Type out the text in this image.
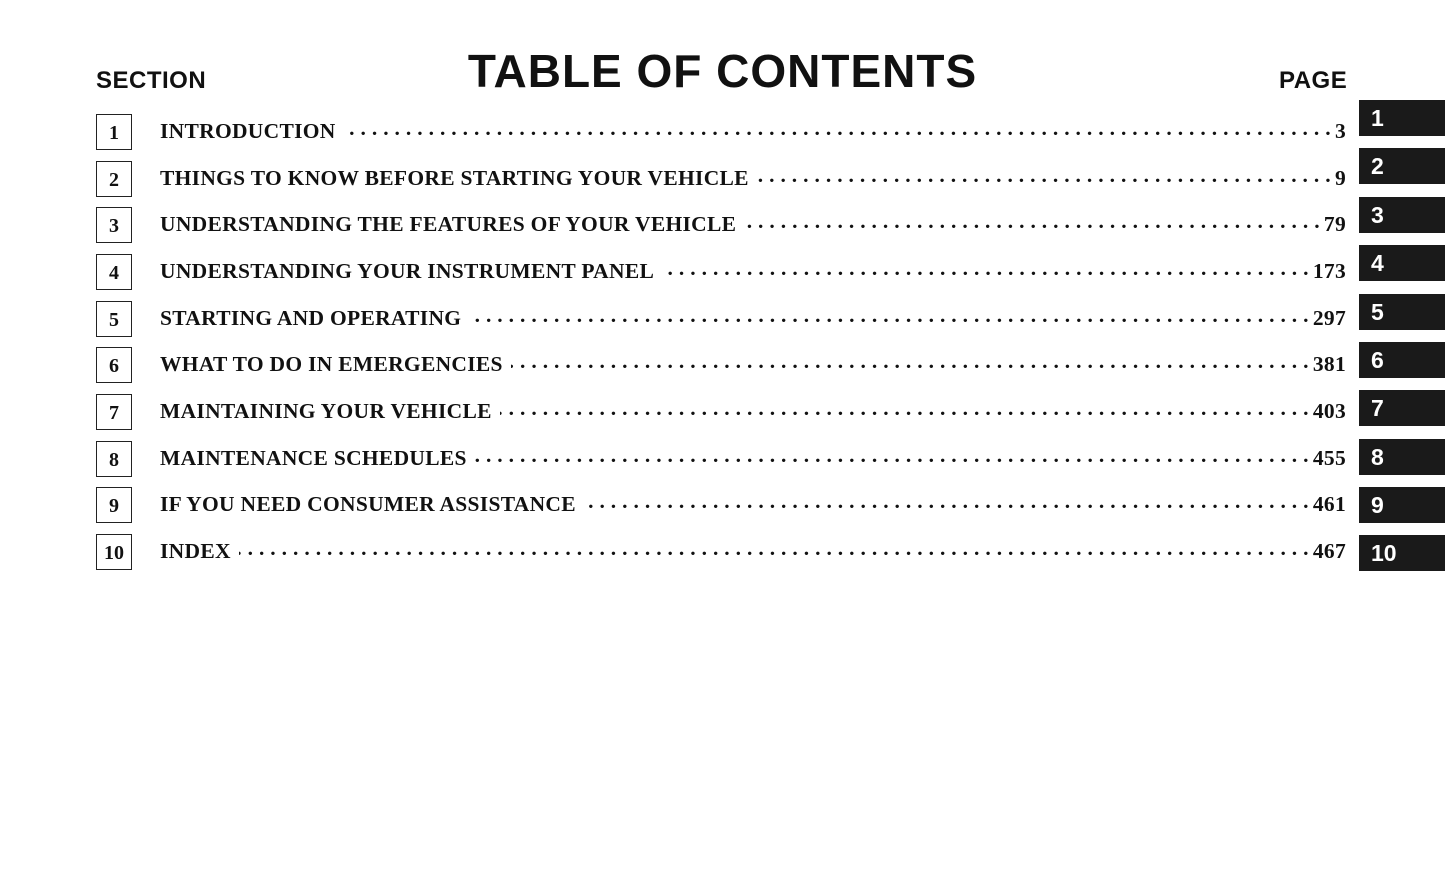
SECTION	TABLE OF CONTENTS	PAGE
1	INTRODUCTION . . .	3
2	THINGS TO KNOW BEFORE STARTING YOUR VEHICLE . . .	9
3	UNDERSTANDING THE FEATURES OF YOUR VEHICLE . . .	79
4	UNDERSTANDING YOUR INSTRUMENT PANEL . . .	173
5	STARTING AND OPERATING . . .	297
6	WHAT TO DO IN EMERGENCIES . . .	381
7	MAINTAINING YOUR VEHICLE . . .	403
8	MAINTENANCE SCHEDULES . . .	455
9	IF YOU NEED CONSUMER ASSISTANCE . . .	461
10	INDEX . . .	467
1
2
3
4
5
6
7
8
9
10
